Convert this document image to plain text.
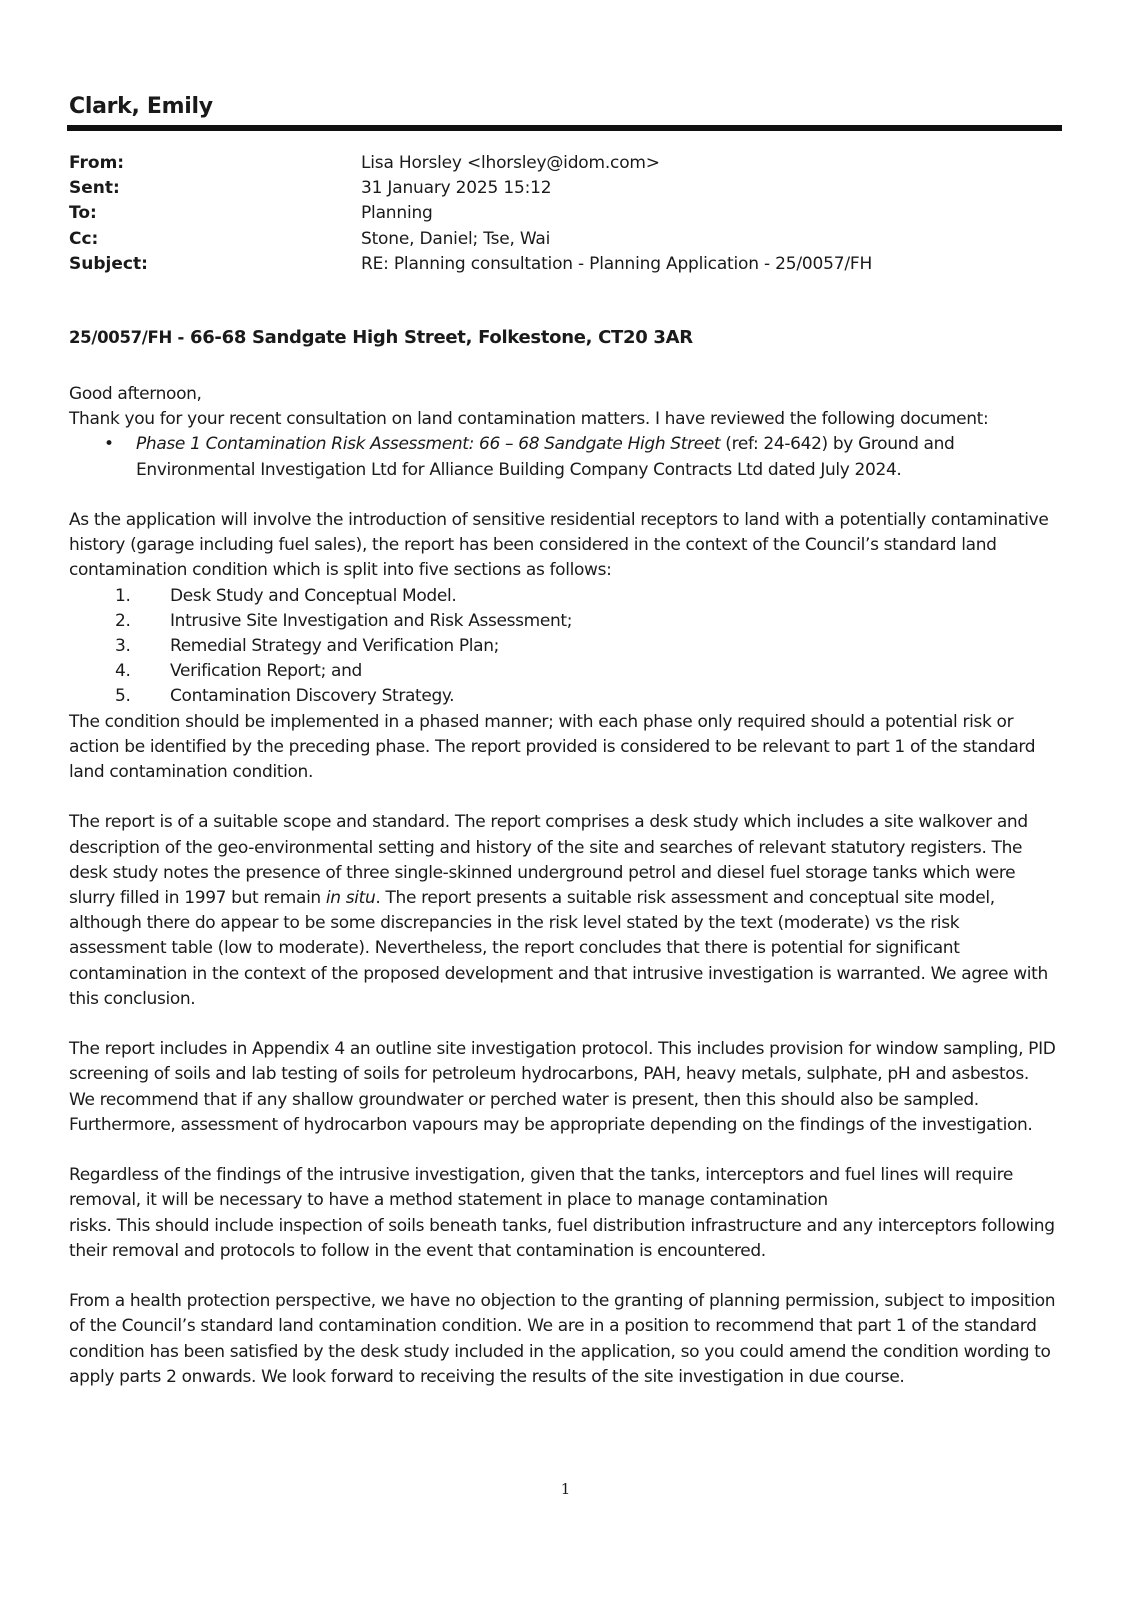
Clark, Emily
From:	Lisa Horsley <lhorsley@idom.com>
Sent:	31 January 2025 15:12
To:	Planning
Cc:	Stone, Daniel; Tse, Wai
Subject:	RE: Planning consultation - Planning Application - 25/0057/FH
25/0057/FH - 66-68 Sandgate High Street, Folkestone, CT20 3AR

Good afternoon,

Thank you for your recent consultation on land contamination matters. I have reviewed the following document:

•	Phase 1 Contamination Risk Assessment: 66 – 68 Sandgate High Street (ref: 24-642) by Ground and Environmental Investigation Ltd for Alliance Building Company Contracts Ltd dated July 2024.

As the application will involve the introduction of sensitive residential receptors to land with a potentially contaminative history (garage including fuel sales), the report has been considered in the context of the Council’s standard land contamination condition which is split into five sections as follows:

1.	Desk Study and Conceptual Model.
2.	Intrusive Site Investigation and Risk Assessment;
3.	Remedial Strategy and Verification Plan;
4.	Verification Report; and
5.	Contamination Discovery Strategy.

The condition should be implemented in a phased manner; with each phase only required should a potential risk or action be identified by the preceding phase. The report provided is considered to be relevant to part 1 of the standard land contamination condition.

The report is of a suitable scope and standard. The report comprises a desk study which includes a site walkover and description of the geo-environmental setting and history of the site and searches of relevant statutory registers. The desk study notes the presence of three single-skinned underground petrol and diesel fuel storage tanks which were slurry filled in 1997 but remain in situ. The report presents a suitable risk assessment and conceptual site model, although there do appear to be some discrepancies in the risk level stated by the text (moderate) vs the risk assessment table (low to moderate). Nevertheless, the report concludes that there is potential for significant contamination in the context of the proposed development and that intrusive investigation is warranted. We agree with this conclusion.

The report includes in Appendix 4 an outline site investigation protocol. This includes provision for window sampling, PID screening of soils and lab testing of soils for petroleum hydrocarbons, PAH, heavy metals, sulphate, pH and asbestos. We recommend that if any shallow groundwater or perched water is present, then this should also be sampled. Furthermore, assessment of hydrocarbon vapours may be appropriate depending on the findings of the investigation.

Regardless of the findings of the intrusive investigation, given that the tanks, interceptors and fuel lines will require removal, it will be necessary to have a method statement in place to manage contamination

risks. This should include inspection of soils beneath tanks, fuel distribution infrastructure and any interceptors following their removal and protocols to follow in the event that contamination is encountered.

From a health protection perspective, we have no objection to the granting of planning permission, subject to imposition of the Council’s standard land contamination condition. We are in a position to recommend that part 1 of the standard condition has been satisfied by the desk study included in the application, so you could amend the condition wording to apply parts 2 onwards. We look forward to receiving the results of the site investigation in due course.

1
